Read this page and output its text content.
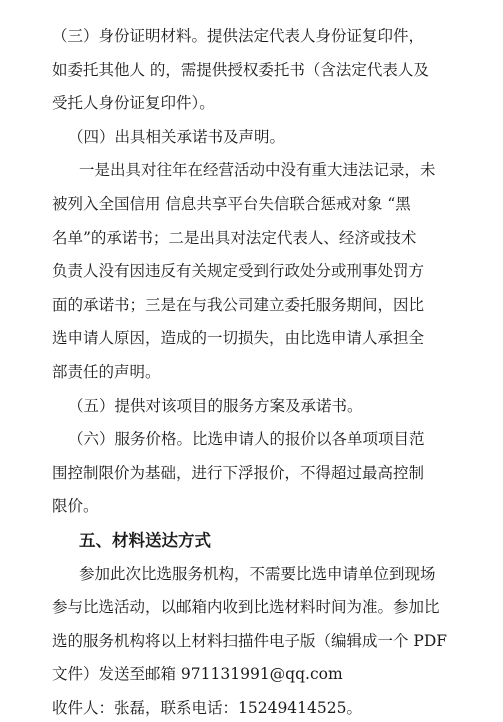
（三）身份证明材料。提供法定代表人身份证复印件，
如委托其他人 的，需提供授权委托书（含法定代表人及
受托人身份证复印件）。
（四）出具相关承诺书及声明。
一是出具对往年在经营活动中没有重大违法记录，未
被列入全国信用 信息共享平台失信联合惩戒对象 “黑
名单”的承诺书；二是出具对法定代表人、经济或技术
负责人没有因违反有关规定受到行政处分或刑事处罚方
面的承诺书；三是在与我公司建立委托服务期间，因比
选申请人原因，造成的一切损失，由比选申请人承担全
部责任的声明。
（五）提供对该项目的服务方案及承诺书。
（六）服务价格。比选申请人的报价以各单项项目范
围控制限价为基础，进行下浮报价，不得超过最高控制
限价。
五、材料送达方式
参加此次比选服务机构，不需要比选申请单位到现场
参与比选活动，以邮箱内收到比选材料时间为准。参加比
选的服务机构将以上材料扫描件电子版（编辑成一个 PDF
文件）发送至邮箱 971131991@qq.com
收件人：张磊，联系电话：15249414525。
